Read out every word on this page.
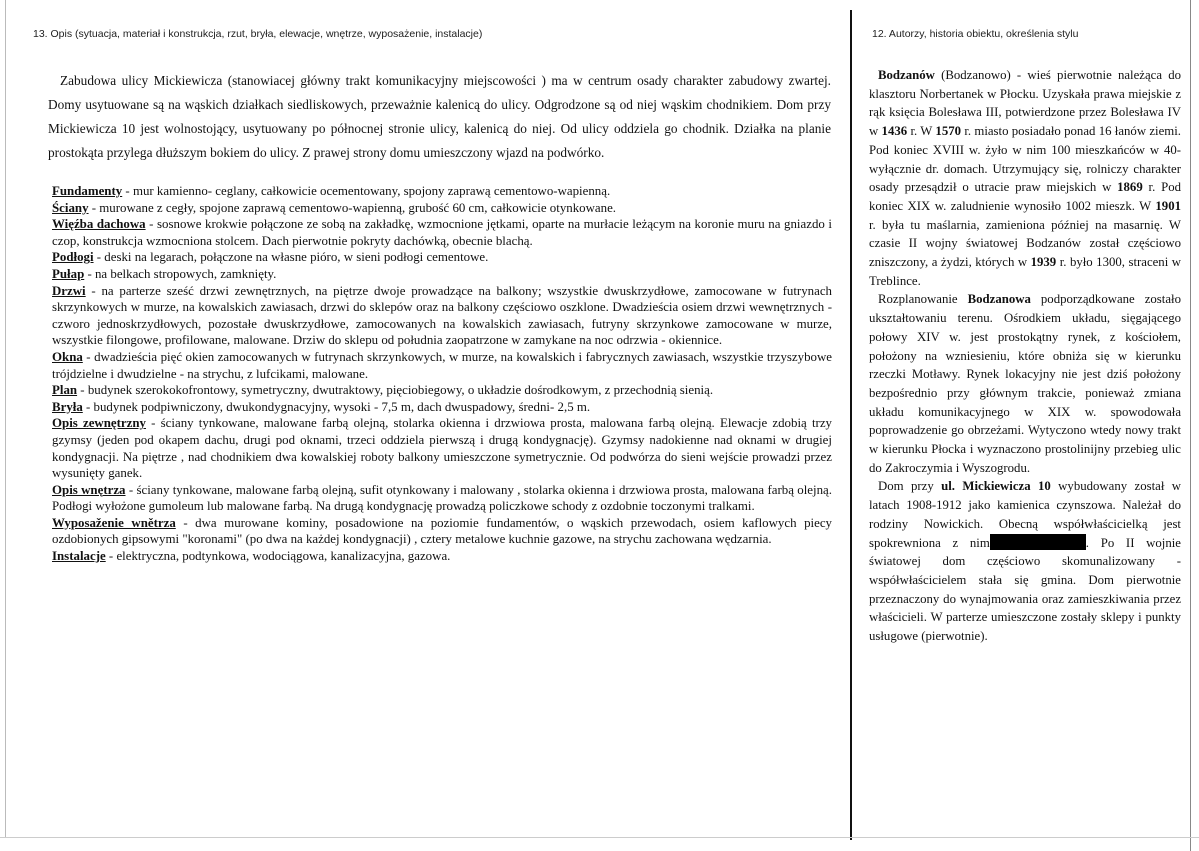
13. Opis (sytuacja, materiał i konstrukcja, rzut, bryła, elewacje, wnętrze, wyposażenie, instalacje)	12. Autorzy, historia obiektu, określenia stylu

Zabudowa ulicy Mickiewicza (stanowiacej główny trakt komunikacyjny miejscowości ) ma w centrum osady charakter zabudowy zwartej. Domy usytuowane są na wąskich działkach siedliskowych, przeważnie kalenicą do ulicy. Odgrodzone są od niej wąskim chodnikiem. Dom przy Mickiewicza 10 jest wolnostojący, usytuowany po północnej stronie ulicy, kalenicą do niej. Od ulicy oddziela go chodnik. Działka na planie prostokąta przylega dłuższym bokiem do ulicy. Z prawej strony domu umieszczony wjazd na podwórko.

Fundamenty - mur kamienno- ceglany, całkowicie ocementowany, spojony zaprawą cementowo-wapienną.

Ściany - murowane z cegły, spojone zaprawą cementowo-wapienną, grubość 60 cm, całkowicie otynkowane.

Więźba dachowa - sosnowe krokwie połączone ze sobą na zakładkę, wzmocnione jętkami, oparte na murłacie leżącym na koronie muru na gniazdo i czop, konstrukcja wzmocniona stolcem. Dach pierwotnie pokryty dachówką, obecnie blachą.

Podłogi - deski na legarach, połączone na własne pióro, w sieni podłogi cementowe.

Pułap - na belkach stropowych, zamknięty.

Drzwi - na parterze sześć drzwi zewnętrznych, na piętrze dwoje prowadzące na balkony; wszystkie dwuskrzydłowe, zamocowane w futrynach skrzynkowych w murze, na kowalskich zawiasach, drzwi do sklepów oraz na balkony częściowo oszklone. Dwadzieścia osiem drzwi wewnętrznych - czworo jednoskrzydłowych, pozostałe dwuskrzydłowe, zamocowanych na kowalskich zawiasach, futryny skrzynkowe zamocowane w murze, wszystkie filongowe, profilowane, malowane. Drziw do sklepu od południa zaopatrzone w zamykane na noc odrzwia - okiennice.

Okna - dwadzieścia pięć okien zamocowanych w futrynach skrzynkowych, w murze, na kowalskich i fabrycznych zawiasach, wszystkie trzyszybowe trójdzielne i dwudzielne - na strychu, z lufcikami, malowane.

Plan - budynek szerokokofrontowy, symetryczny, dwutraktowy, pięciobiegowy, o układzie dośrodkowym, z przechodnią sienią.

Bryła - budynek podpiwniczony, dwukondygnacyjny, wysoki - 7,5 m, dach dwuspadowy, średni- 2,5 m.

Opis zewnętrzny - ściany tynkowane, malowane farbą olejną, stolarka okienna i drzwiowa prosta, malowana farbą olejną. Elewacje zdobią trzy gzymsy (jeden pod okapem dachu, drugi pod oknami, trzeci oddziela pierwszą i drugą kondygnację). Gzymsy nadokienne nad oknami w drugiej kondygnacji. Na piętrze , nad chodnikiem dwa kowalskiej roboty balkony umieszczone symetrycznie. Od podwórza do sieni wejście prowadzi przez wysunięty ganek.

Opis wnętrza - ściany tynkowane, malowane farbą olejną, sufit otynkowany i malowany , stolarka okienna i drzwiowa prosta, malowana farbą olejną. Podłogi wyłożone gumoleum lub malowane farbą. Na drugą kondygnację prowadzą policzkowe schody z ozdobnie toczonymi tralkami.

Wyposaženie wnětrza - dwa murowane kominy, posadowione na poziomie fundamentów, o wąskich przewodach, osiem kaflowych piecy ozdobionych gipsowymi "koronami" (po dwa na każdej kondygnacji) , cztery metalowe kuchnie gazowe, na strychu zachowana wędzarnia.

Instalacje - elektryczna, podtynkowa, wodociągowa, kanalizacyjna, gazowa.

Bodzanów (Bodzanowo) - wieś pierwotnie należąca do klasztoru Norbertanek w Płocku. Uzyskała prawa miejskie z rąk księcia Bolesława III, potwierdzone przez Bolesława IV w 1436 r. W 1570 r. miasto posiadało ponad 16 łanów ziemi. Pod koniec XVIII w. żyło w nim 100 mieszkańców w 40- wyłącznie dr. domach. Utrzymujący się, rolniczy charakter osady przesądził o utracie praw miejskich w 1869 r. Pod koniec XIX w. zaludnienie wynosiło 1002 mieszk. W 1901 r. była tu maślarnia, zamieniona później na masarnię. W czasie II wojny światowej Bodzanów został częściowo zniszczony, a żydzi, których w 1939 r. było 1300, straceni w Treblince.

Rozplanowanie Bodzanowa podporządkowane zostało ukształtowaniu terenu. Ośrodkiem układu, sięgającego połowy XIV w. jest prostokątny rynek, z kościołem, położony na wzniesieniu, które obniża się w kierunku rzeczki Motławy. Rynek lokacyjny nie jest dziś położony bezpośrednio przy głównym trakcie, ponieważ zmiana układu komunikacyjnego w XIX w. spowodowała poprowadzenie go obrzeżami. Wytyczono wtedy nowy trakt w kierunku Płocka i wyznaczono prostolinijny przebieg ulic do Zakroczymia i Wyszogrodu.

Dom przy ul. Mickiewicza 10 wybudowany został w latach 1908-1912 jako kamienica czynszowa. Należał do rodziny Nowickich. Obecną współwłaścicielką jest spokrewniona z nim	. Po II wojnie światowej dom częściowo skomunalizowany - współwłaścicielem stała się gmina. Dom pierwotnie przeznaczony do wynajmowania oraz zamieszkiwania przez właścicieli. W parterze umieszczone zostały sklepy i punkty usługowe (pierwotnie).
